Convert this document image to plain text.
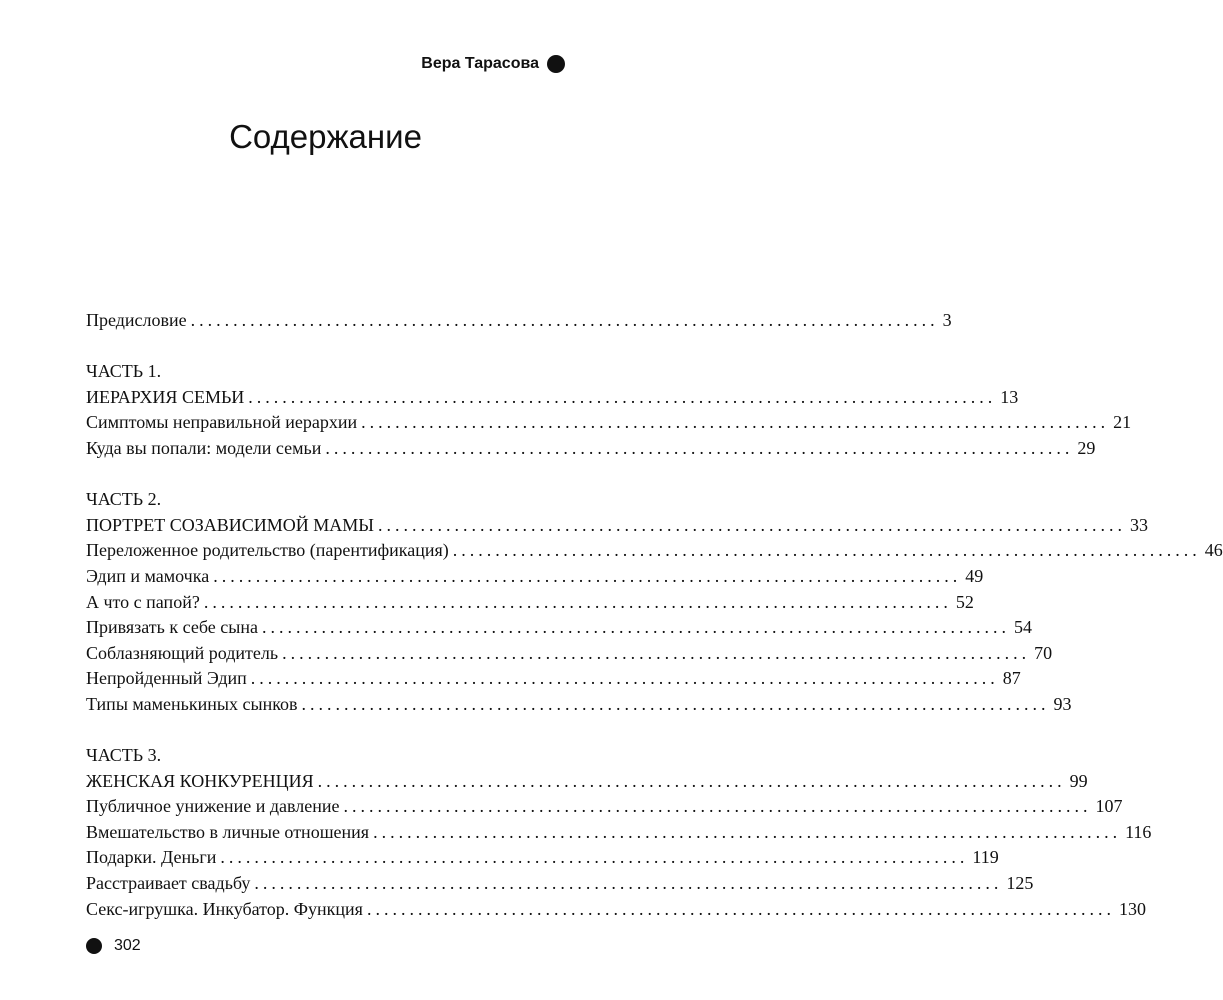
Вера Тарасова
Содержание
Предисловие ........................................................................................ 3
ЧАСТЬ 1.
ИЕРАРХИЯ СЕМЬИ ........................................................................................ 13
Симптомы неправильной иерархии ........................................................................................ 21
Куда вы попали: модели семьи ........................................................................................ 29
ЧАСТЬ 2.
ПОРТРЕТ СОЗАВИСИМОЙ МАМЫ ........................................................................................ 33
Переложенное родительство (парентификация) ........................................................................................ 46
Эдип и мамочка ........................................................................................ 49
А что с папой? ........................................................................................ 52
Привязать к себе сына ........................................................................................ 54
Соблазняющий родитель ........................................................................................ 70
Непройденный Эдип ........................................................................................ 87
Типы маменькиных сынков ........................................................................................ 93
ЧАСТЬ 3.
ЖЕНСКАЯ КОНКУРЕНЦИЯ ........................................................................................ 99
Публичное унижение и давление ........................................................................................ 107
Вмешательство в личные отношения ........................................................................................ 116
Подарки. Деньги ........................................................................................ 119
Расстраивает свадьбу ........................................................................................ 125
Секс-игрушка. Инкубатор. Функция ........................................................................................ 130
302
